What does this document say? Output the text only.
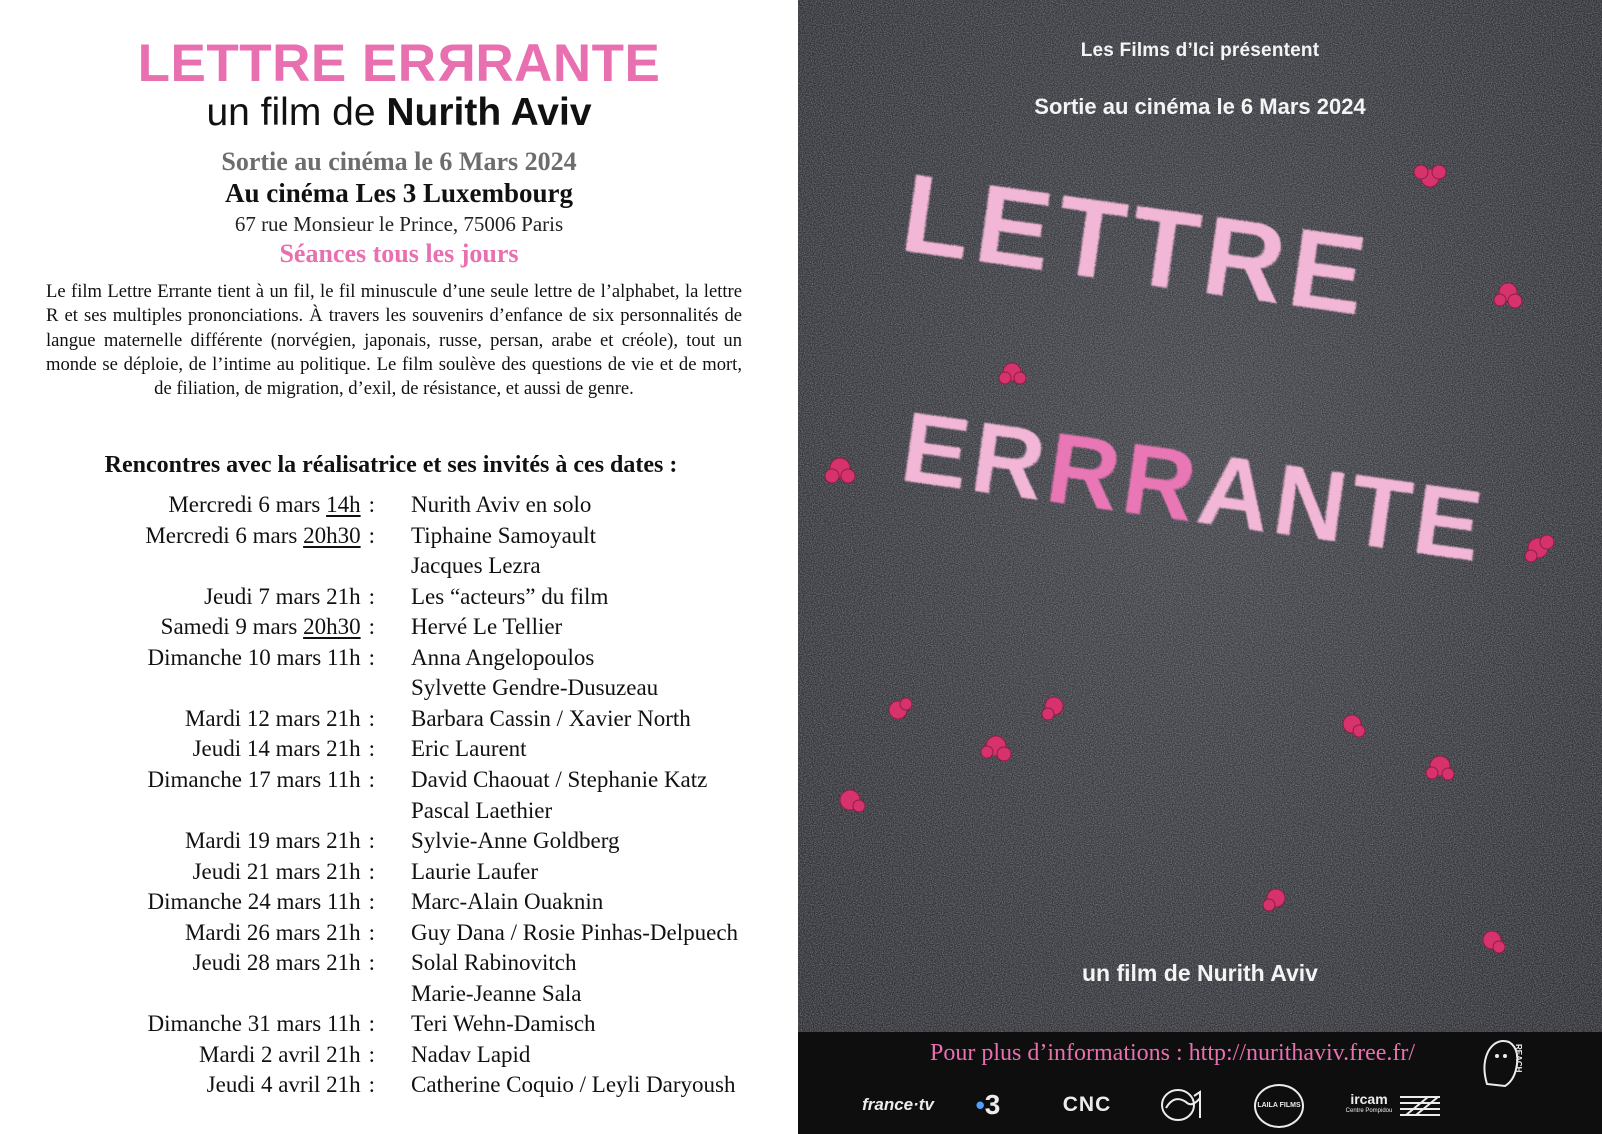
LETTRE ERRRANTE
un film de Nurith Aviv
Sortie au cinéma le 6 Mars 2024
Au cinéma Les 3 Luxembourg
67 rue Monsieur le Prince, 75006 Paris
Séances tous les jours
Le film Lettre Errante tient à un fil, le fil minuscule d’une seule lettre de l’alphabet, la lettre R et ses multiples prononciations. À travers les souvenirs d’enfance de six personnalités de langue maternelle différente (norvégien, japonais, russe, persan, arabe et créole), tout un monde se déploie, de l’intime au politique. Le film soulève des questions de vie et de mort, de filiation, de migration, d’exil, de résistance, et aussi de genre.
Rencontres avec la réalisatrice et ses invités à ces dates :
Mercredi 6 mars 14h : Nurith Aviv en solo
Mercredi 6 mars 20h30 : Tiphaine Samoyault
Jacques Lezra
Jeudi 7 mars 21h : Les “acteurs” du film
Samedi 9 mars 20h30 : Hervé Le Tellier
Dimanche 10 mars 11h : Anna Angelopoulos
Sylvette Gendre-Dusuzeau
Mardi 12 mars 21h : Barbara Cassin / Xavier North
Jeudi 14 mars 21h : Eric Laurent
Dimanche 17 mars 11h : David Chaouat / Stephanie Katz
Pascal Laethier
Mardi 19 mars 21h : Sylvie-Anne Goldberg
Jeudi 21 mars 21h : Laurie Laufer
Dimanche 24 mars 11h : Marc-Alain Ouaknin
Mardi 26 mars 21h : Guy Dana / Rosie Pinhas-Delpuech
Jeudi 28 mars 21h : Solal Rabinovitch
Marie-Jeanne Sala
Dimanche 31 mars 11h : Teri Wehn-Damisch
Mardi 2 avril 21h : Nadav Lapid
Jeudi 4 avril 21h : Catherine Coquio / Leyli Daryoush
LETTRE
ERRRANTE
Les Films d’Ici présentent
Sortie au cinéma le 6 Mars 2024
un film de Nurith Aviv
Pour plus d’informations : http://nurithaviv.free.fr/
france·tv	• 3	CNC	LAILA FILMS	ircam
Centre Pompidou
REACH
